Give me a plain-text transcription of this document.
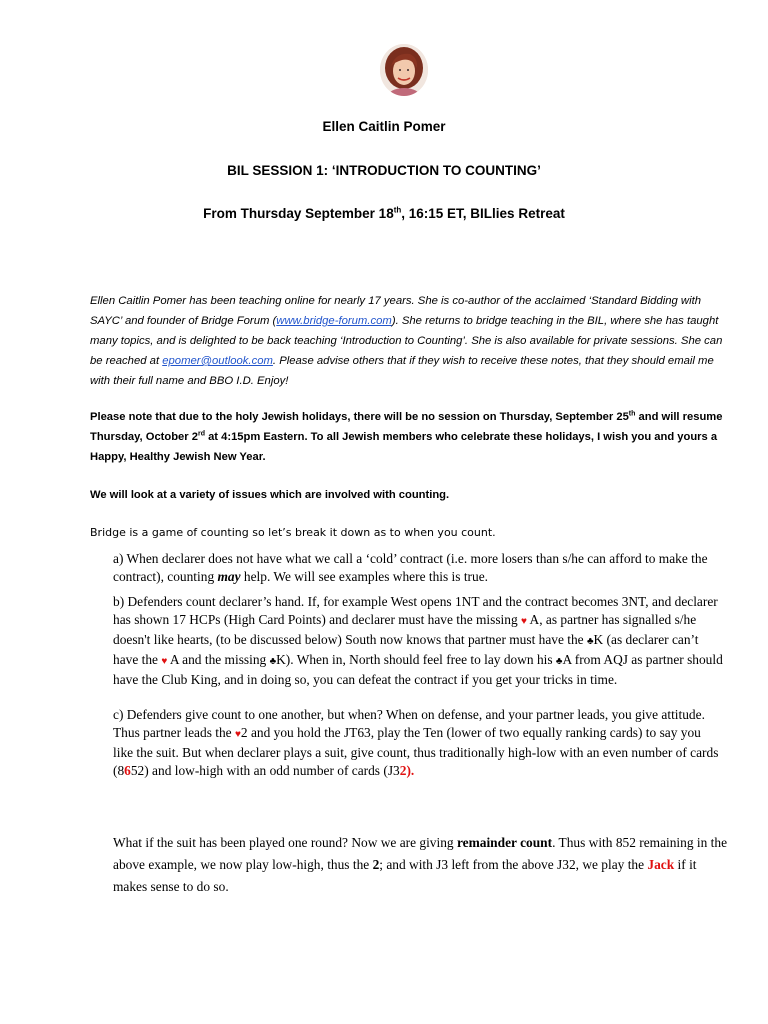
Ellen Caitlin Pomer
BIL SESSION 1: ‘INTRODUCTION TO COUNTING’
From Thursday September 18th, 16:15 ET, BILlies Retreat
Ellen Caitlin Pomer has been teaching online for nearly 17 years. She is co-author of the acclaimed ‘Standard Bidding with SAYC’ and founder of Bridge Forum (www.bridge-forum.com). She returns to bridge teaching in the BIL, where she has taught many topics, and is delighted to be back teaching ‘Introduction to Counting’. She is also available for private sessions. She can be reached at epomer@outlook.com. Please advise others that if they wish to receive these notes, that they should email me with their full name and BBO I.D. Enjoy!
Please note that due to the holy Jewish holidays, there will be no session on Thursday, September 25th and will resume Thursday, October 2rd at 4:15pm Eastern. To all Jewish members who celebrate these holidays, I wish you and yours a Happy, Healthy Jewish New Year.
We will look at a variety of issues which are involved with counting.
Bridge is a game of counting so let’s break it down as to when you count.
a) When declarer does not have what we call a ‘cold’ contract (i.e. more losers than s/he can afford to make the contract), counting may help. We will see examples where this is true.
b) Defenders count declarer’s hand. If, for example West opens 1NT and the contract becomes 3NT, and declarer has shown 17 HCPs (High Card Points) and declarer must have the missing ♥ A, as partner has signalled s/he doesn't like hearts, (to be discussed below) South now knows that partner must have the ♣K (as declarer can’t have the ♥ A and the missing ♣K). When in, North should feel free to lay down his ♣A from AQJ as partner should have the Club King, and in doing so, you can defeat the contract if you get your tricks in time.
c) Defenders give count to one another, but when? When on defense, and your partner leads, you give attitude. Thus partner leads the ♥2 and you hold the JT63, play the Ten (lower of two equally ranking cards) to say you like the suit. But when declarer plays a suit, give count, thus traditionally high-low with an even number of cards (8652) and low-high with an odd number of cards (J32).
What if the suit has been played one round? Now we are giving remainder count. Thus with 852 remaining in the above example, we now play low-high, thus the 2; and with J3 left from the above J32, we play the Jack if it makes sense to do so.
